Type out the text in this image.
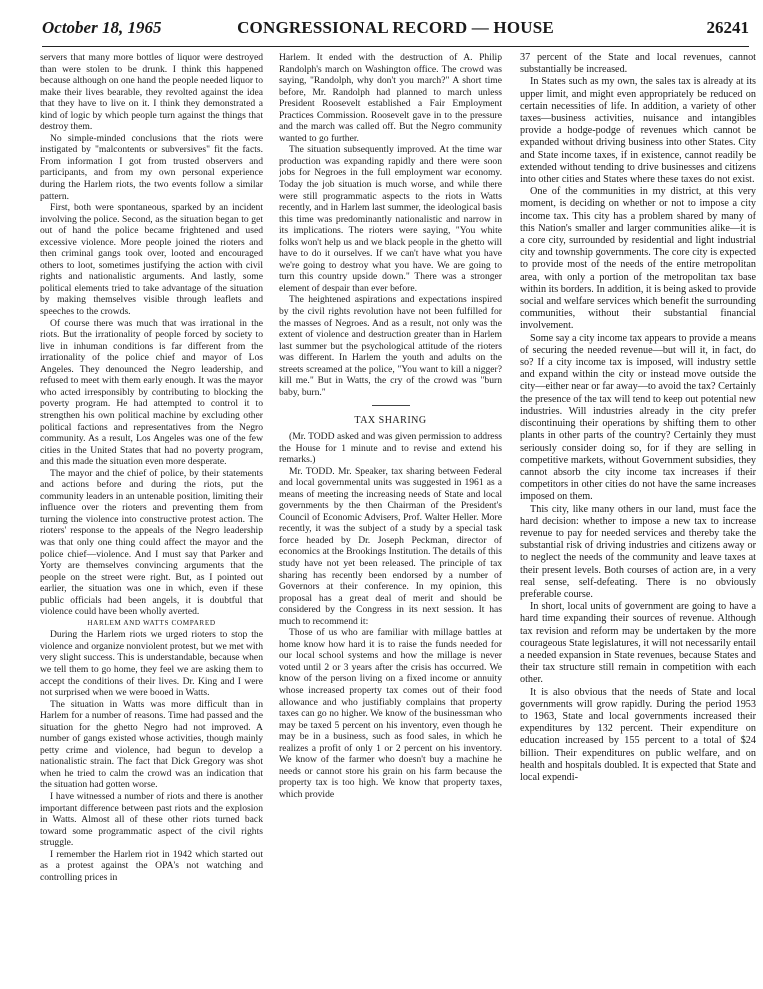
October 18, 1965	CONGRESSIONAL RECORD — HOUSE	26241

servers that many more bottles of liquor were destroyed than were stolen to be drunk. I think this happened because although on one hand the people needed liquor to make their lives bearable, they revolted against the idea that they have to live on it. I think they demonstrated a kind of logic by which people turn against the things that destroy them.

No simple-minded conclusions that the riots were instigated by "malcontents or subversives" fit the facts. From information I got from trusted observers and participants, and from my own personal experience during the Harlem riots, the two events follow a similar pattern.

First, both were spontaneous, sparked by an incident involving the police. Second, as the situation began to get out of hand the police became frightened and used excessive violence. More people joined the rioters and then criminal gangs took over, looted and encouraged others to loot, sometimes justifying the action with civil rights and nationalistic arguments. And lastly, some political elements tried to take advantage of the situation by making themselves visible through leaflets and speeches to the crowds.

Of course there was much that was irrational in the riots. But the irrationality of people forced by society to live in inhuman conditions is far different from the irrationality of the police chief and mayor of Los Angeles. They denounced the Negro leadership, and refused to meet with them early enough. It was the mayor who acted irresponsibly by contributing to blocking the poverty program. He had attempted to control it to strengthen his own political machine by excluding other political factions and representatives from the Negro community. As a result, Los Angeles was one of the few cities in the United States that had no poverty program, and this made the situation even more desperate.

The mayor and the chief of police, by their statements and actions before and during the riots, put the community leaders in an untenable position, limiting their influence over the rioters and preventing them from turning the violence into constructive protest action. The rioters' response to the appeals of the Negro leadership was that only one thing could affect the mayor and the police chief—violence. And I must say that Parker and Yorty are themselves convincing arguments that the people on the street were right. But, as I pointed out earlier, the situation was one in which, even if these public officials had been angels, it is doubtful that violence could have been wholly averted.

HARLEM AND WATTS COMPARED

During the Harlem riots we urged rioters to stop the violence and organize nonviolent protest, but we met with very slight success. This is understandable, because when we tell them to go home, they feel we are asking them to accept the conditions of their lives. Dr. King and I were not surprised when we were booed in Watts.

The situation in Watts was more difficult than in Harlem for a number of reasons. Time had passed and the situation for the ghetto Negro had not improved. A number of gangs existed whose activities, though mainly petty crime and violence, had begun to develop a nationalistic strain. The fact that Dick Gregory was shot when he tried to calm the crowd was an indication that the situation had gotten worse.

I have witnessed a number of riots and there is another important difference between past riots and the explosion in Watts. Almost all of these other riots turned back toward some programmatic aspect of the civil rights struggle.

I remember the Harlem riot in 1942 which started out as a protest against the OPA's not watching and controlling prices in

Harlem. It ended with the destruction of A. Philip Randolph's march on Washington office. The crowd was saying, "Randolph, why don't you march?" A short time before, Mr. Randolph had planned to march unless President Roosevelt established a Fair Employment Practices Commission. Roosevelt gave in to the pressure and the march was called off. But the Negro community wanted to go further.

The situation subsequently improved. At the time war production was expanding rapidly and there were soon jobs for Negroes in the full employment war economy. Today the job situation is much worse, and while there were still programmatic aspects to the riots in Watts recently, and in Harlem last summer, the ideological basis this time was predominantly nationalistic and narrow in its implications. The rioters were saying, "You white folks won't help us and we black people in the ghetto will have to do it ourselves. If we can't have what you have we're going to destroy what you have. We are going to turn this country upside down." There was a stronger element of despair than ever before.

The heightened aspirations and expectations inspired by the civil rights revolution have not been fulfilled for the masses of Negroes. And as a result, not only was the extent of violence and destruction greater than in Harlem last summer but the psychological attitude of the rioters was different. In Harlem the youth and adults on the streets screamed at the police, "You want to kill a nigger? kill me." But in Watts, the cry of the crowd was "burn baby, burn."

TAX SHARING

(Mr. TODD asked and was given permission to address the House for 1 minute and to revise and extend his remarks.)

Mr. TODD. Mr. Speaker, tax sharing between Federal and local governmental units was suggested in 1961 as a means of meeting the increasing needs of State and local governments by the then Chairman of the President's Council of Economic Advisers, Prof. Walter Heller. More recently, it was the subject of a study by a special task force headed by Dr. Joseph Peckman, director of economics at the Brookings Institution. The details of this study have not yet been released. The principle of tax sharing has recently been endorsed by a number of Governors at their conference. In my opinion, this proposal has a great deal of merit and should be considered by the Congress in its next session. It has much to recommend it:

Those of us who are familiar with millage battles at home know how hard it is to raise the funds needed for our local school systems and how the millage is never voted until 2 or 3 years after the crisis has occurred. We know of the person living on a fixed income or annuity whose increased property tax comes out of their food allowance and who justifiably complains that property taxes can go no higher. We know of the businessman who may be taxed 5 percent on his inventory, even though he may be in a business, such as food sales, in which he realizes a profit of only 1 or 2 percent on his inventory. We know of the farmer who doesn't buy a machine he needs or cannot store his grain on his farm because the property tax is too high. We know that property taxes, which provide

37 percent of the State and local revenues, cannot substantially be increased.

In States such as my own, the sales tax is already at its upper limit, and might even appropriately be reduced on certain necessities of life. In addition, a variety of other taxes—business activities, nuisance and intangibles provide a hodge-podge of revenues which cannot be expanded without driving business into other States. City and State income taxes, if in existence, cannot readily be extended without tending to drive businesses and citizens into other cities and States where these taxes do not exist.

One of the communities in my district, at this very moment, is deciding on whether or not to impose a city income tax. This city has a problem shared by many of this Nation's smaller and larger communities alike—it is a core city, surrounded by residential and light industrial city and township governments. The core city is expected to provide most of the needs of the entire metropolitan area, with only a portion of the metropolitan tax base within its borders. In addition, it is being asked to provide social and welfare services which benefit the surrounding communities, without their substantial financial involvement.

Some say a city income tax appears to provide a means of securing the needed revenue—but will it, in fact, do so? If a city income tax is imposed, will industry settle and expand within the city or instead move outside the city—either near or far away—to avoid the tax? Certainly the presence of the tax will tend to keep out potential new industries. Will industries already in the city prefer discontinuing their operations by shifting them to other plants in other parts of the country? Certainly they must seriously consider doing so, for if they are selling in competitive markets, without Government subsidies, they cannot absorb the city income tax increases if their competitors in other cities do not have the same increases imposed on them.

This city, like many others in our land, must face the hard decision: whether to impose a new tax to increase revenue to pay for needed services and thereby take the substantial risk of driving industries and citizens away or to neglect the needs of the community and leave taxes at their present levels. Both courses of action are, in a very real sense, self-defeating. There is no obviously preferable course.

In short, local units of government are going to have a hard time expanding their sources of revenue. Although tax revision and reform may be undertaken by the more courageous State legislatures, it will not necessarily entail a needed expansion in State revenues, because States and their tax structure still remain in competition with each other.

It is also obvious that the needs of State and local governments will grow rapidly. During the period 1953 to 1963, State and local governments increased their expenditures by 132 percent. Their expenditure on education increased by 155 percent to a total of $24 billion. Their expenditures on public welfare, and on health and hospitals doubled. It is expected that State and local expendi-
